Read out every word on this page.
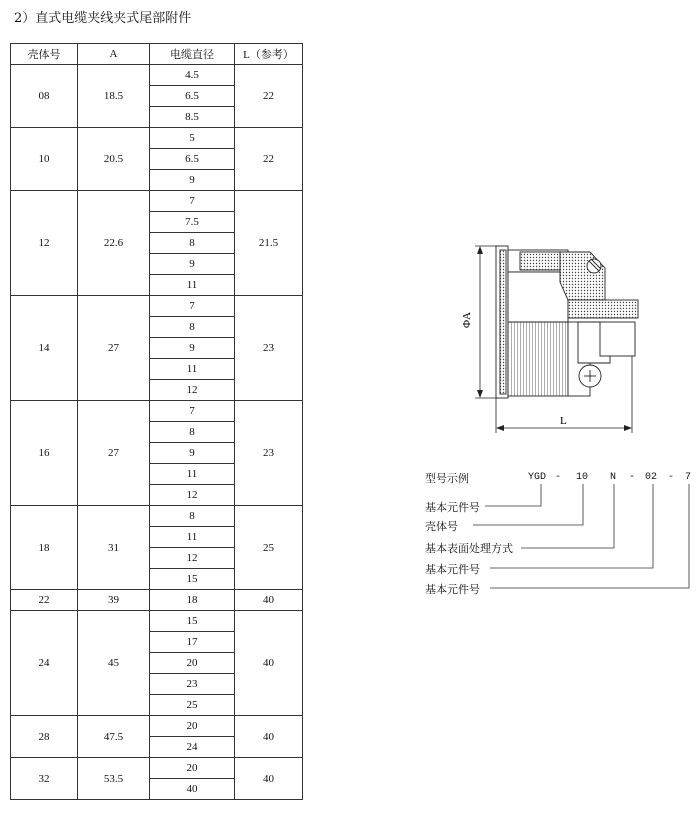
2）直式电缆夹线夹式尾部附件
壳体号	A	电缆直径	L（参考）
08	18.5	4.5	22
		6.5	
		8.5	
10	20.5	5	22
		6.5	
		9	
12	22.6	7	21.5
		7.5	
		8	
		9	
		11	
14	27	7	23
		8	
		9	
		11	
		12	
16	27	7	23
		8	
		9	
		11	
		12	
18	31	8	25
		11	
		12	
		15	
22	39	18	40
24	45	15	40
		17	
		20	
		23	
		25	
28	47.5	20	40
		24	
32	53.5	20	40
		40	
ΦA
L
型号示例	YGD - 10 N - 02 - 7
基本元件号
壳体号
基本表面处理方式
基本元件号
基本元件号
